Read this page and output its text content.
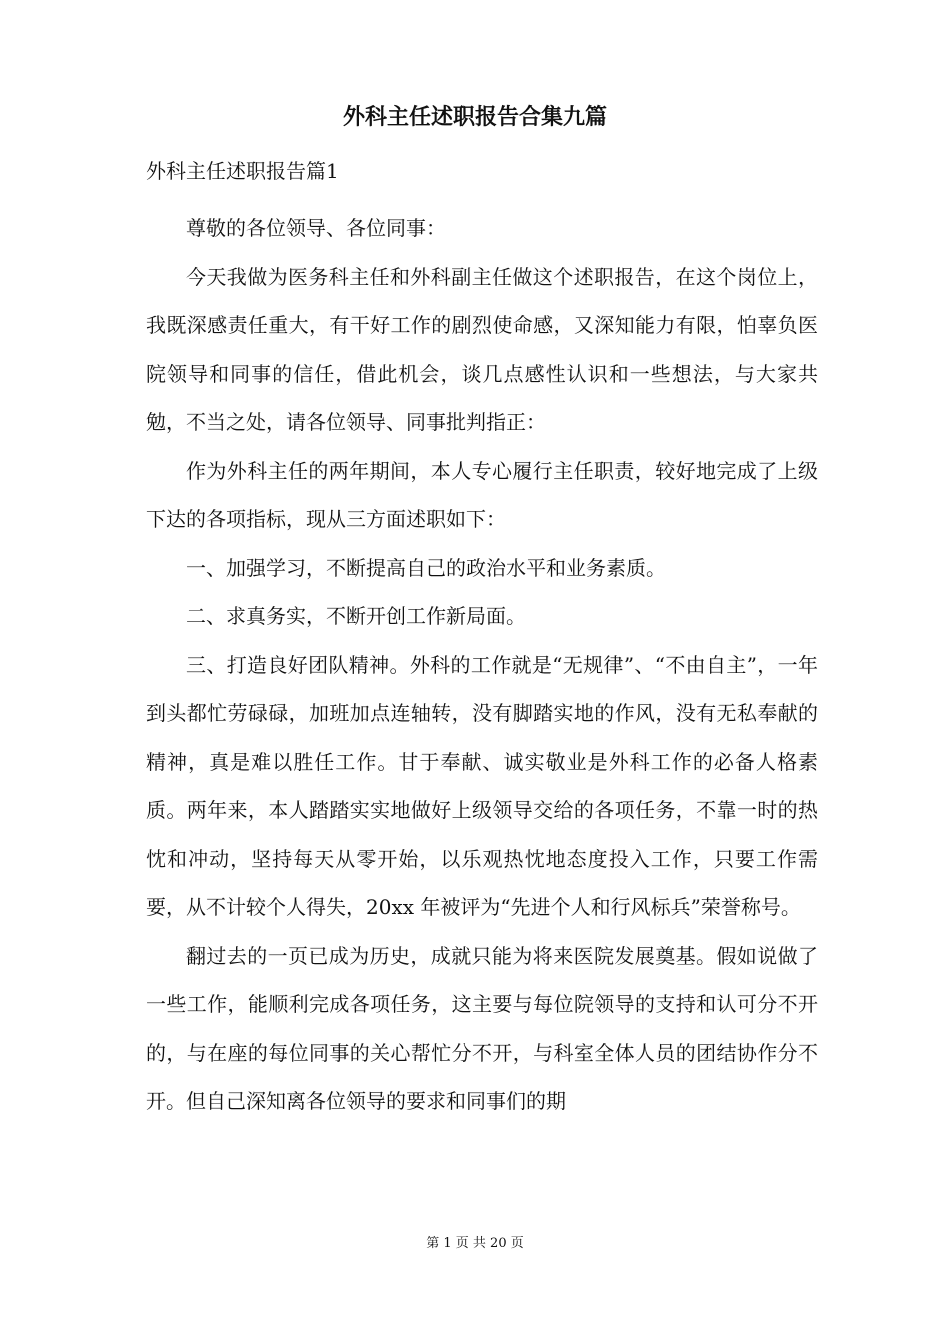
外科主任述职报告合集九篇

外科主任述职报告篇1

尊敬的各位领导、各位同事：

今天我做为医务科主任和外科副主任做这个述职报告，在这个岗位上，我既深感责任重大，有干好工作的剧烈使命感，又深知能力有限，怕辜负医院领导和同事的信任，借此机会，谈几点感性认识和一些想法，与大家共勉，不当之处，请各位领导、同事批判指正：

作为外科主任的两年期间，本人专心履行主任职责，较好地完成了上级下达的各项指标，现从三方面述职如下：

一、加强学习，不断提高自己的政治水平和业务素质。

二、求真务实，不断开创工作新局面。

三、打造良好团队精神。外科的工作就是“无规律”、“不由自主”，一年到头都忙劳碌碌，加班加点连轴转，没有脚踏实地的作风，没有无私奉献的精神，真是难以胜任工作。甘于奉献、诚实敬业是外科工作的必备人格素质。两年来，本人踏踏实实地做好上级领导交给的各项任务，不靠一时的热忱和冲动，坚持每天从零开始，以乐观热忱地态度投入工作，只要工作需要，从不计较个人得失，20xx 年被评为“先进个人和行风标兵”荣誉称号。

翻过去的一页已成为历史，成就只能为将来医院发展奠基。假如说做了一些工作，能顺利完成各项任务，这主要与每位院领导的支持和认可分不开的，与在座的每位同事的关心帮忙分不开，与科室全体人员的团结协作分不开。但自己深知离各位领导的要求和同事们的期

第 1 页 共 20 页
